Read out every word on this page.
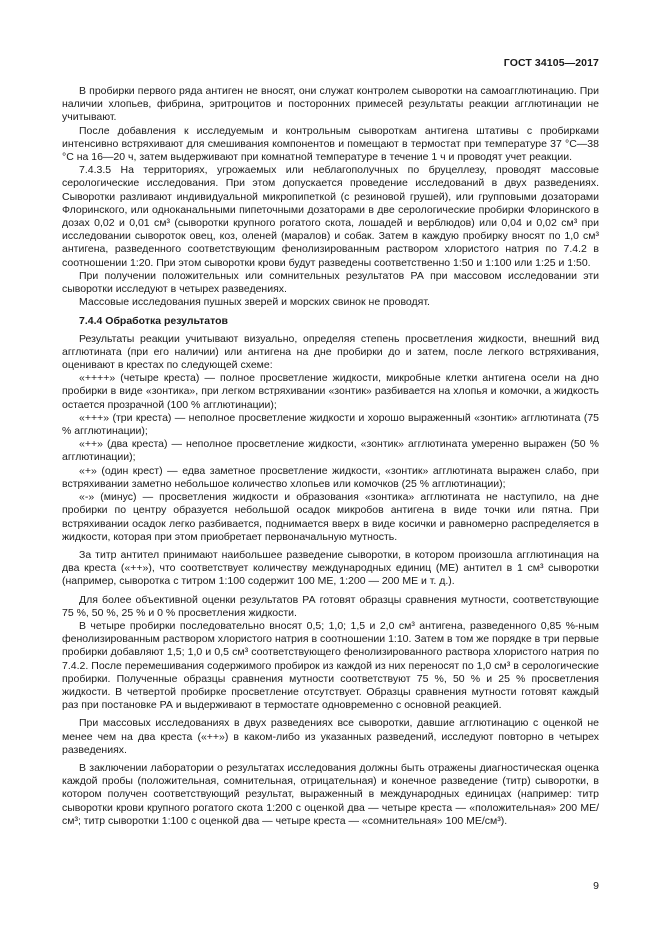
ГОСТ 34105—2017

В пробирки первого ряда антиген не вносят, они служат контролем сыворотки на самоагглютинацию. При наличии хлопьев, фибрина, эритроцитов и посторонних примесей результаты реакции агглютинации не учитывают.

После добавления к исследуемым и контрольным сывороткам антигена штативы с пробирками интенсивно встряхивают для смешивания компонентов и помещают в термостат при температуре 37 °С—38 °С на 16—20 ч, затем выдерживают при комнатной температуре в течение 1 ч и проводят учет реакции.

7.4.3.5 На территориях, угрожаемых или неблагополучных по бруцеллезу, проводят массовые серологические исследования. При этом допускается проведение исследований в двух разведениях. Сыворотки разливают индивидуальной микропипеткой (с резиновой грушей), или групповыми дозаторами Флоринского, или одноканальными пипеточными дозаторами в две серологические пробирки Флоринского в дозах 0,02 и 0,01 см³ (сыворотки крупного рогатого скота, лошадей и верблюдов) или 0,04 и 0,02 см³ при исследовании сывороток овец, коз, оленей (маралов) и собак. Затем в каждую пробирку вносят по 1,0 см³ антигена, разведенного соответствующим фенолизированным раствором хлористого натрия по 7.4.2 в соотношении 1:20. При этом сыворотки крови будут разведены соответственно 1:50 и 1:100 или 1:25 и 1:50.

При получении положительных или сомнительных результатов РА при массовом исследовании эти сыворотки исследуют в четырех разведениях.

Массовые исследования пушных зверей и морских свинок не проводят.

7.4.4 Обработка результатов

Результаты реакции учитывают визуально, определяя степень просветления жидкости, внешний вид агглютината (при его наличии) или антигена на дне пробирки до и затем, после легкого встряхивания, оценивают в крестах по следующей схеме:

«++++» (четыре креста) — полное просветление жидкости, микробные клетки антигена осели на дно пробирки в виде «зонтика», при легком встряхивании «зонтик» разбивается на хлопья и комочки, а жидкость остается прозрачной (100 % агглютинации);

«+++» (три креста) — неполное просветление жидкости и хорошо выраженный «зонтик» агглютината (75 % агглютинации);

«++» (два креста) — неполное просветление жидкости, «зонтик» агглютината умеренно выражен (50 % агглютинации);

«+» (один крест) — едва заметное просветление жидкости, «зонтик» агглютината выражен слабо, при встряхивании заметно небольшое количество хлопьев или комочков (25 % агглютинации);

«-» (минус) — просветления жидкости и образования «зонтика» агглютината не наступило, на дне пробирки по центру образуется небольшой осадок микробов антигена в виде точки или пятна. При встряхивании осадок легко разбивается, поднимается вверх в виде косички и равномерно распределяется в жидкости, которая при этом приобретает первоначальную мутность.

За титр антител принимают наибольшее разведение сыворотки, в котором произошла агглютинация на два креста («++»), что соответствует количеству международных единиц (МЕ) антител в 1 см³ сыворотки (например, сыворотка с титром 1:100 содержит 100 МЕ, 1:200 — 200 МЕ и т. д.).

Для более объективной оценки результатов РА готовят образцы сравнения мутности, соответствующие 75 %, 50 %, 25 % и 0 % просветления жидкости.

В четыре пробирки последовательно вносят 0,5; 1,0; 1,5 и 2,0 см³ антигена, разведенного 0,85 %-ным фенолизированным раствором хлористого натрия в соотношении 1:10. Затем в том же порядке в три первые пробирки добавляют 1,5; 1,0 и 0,5 см³ соответствующего фенолизированного раствора хлористого натрия по 7.4.2. После перемешивания содержимого пробирок из каждой из них переносят по 1,0 см³ в серологические пробирки. Полученные образцы сравнения мутности соответствуют 75 %, 50 % и 25 % просветления жидкости. В четвертой пробирке просветление отсутствует. Образцы сравнения мутности готовят каждый раз при постановке РА и выдерживают в термостате одновременно с основной реакцией.

При массовых исследованиях в двух разведениях все сыворотки, давшие агглютинацию с оценкой не менее чем на два креста («++») в каком-либо из указанных разведений, исследуют повторно в четырех разведениях.

В заключении лаборатории о результатах исследования должны быть отражены диагностическая оценка каждой пробы (положительная, сомнительная, отрицательная) и конечное разведение (титр) сыворотки, в котором получен соответствующий результат, выраженный в международных единицах (например: титр сыворотки крови крупного рогатого скота 1:200 с оценкой два — четыре креста — «положительная» 200 МЕ/см³; титр сыворотки 1:100 с оценкой два — четыре креста — «сомнительная» 100 МЕ/см³).

9
